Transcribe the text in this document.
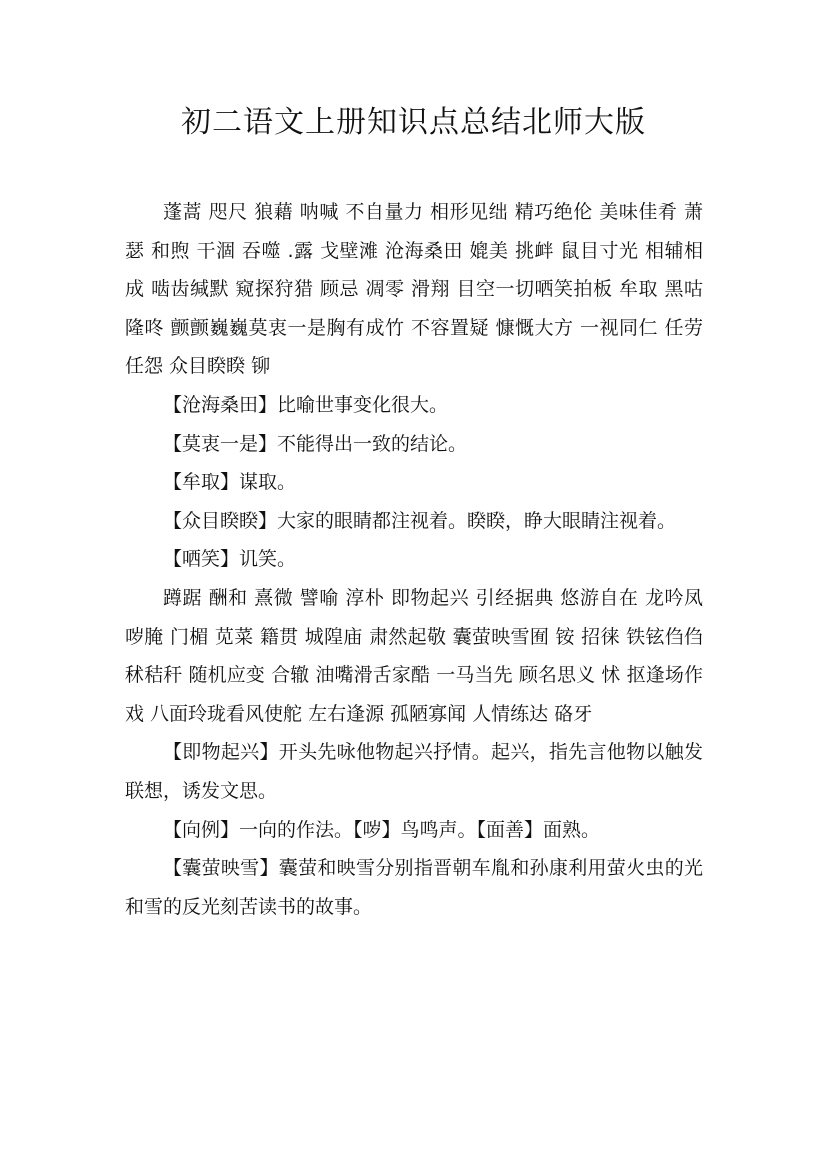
初二语文上册知识点总结北师大版

蓬蒿 咫尺 狼藉 呐喊 不自量力 相形见绌 精巧绝伦 美味佳肴 萧瑟 和煦 干涸 吞噬 .露 戈壁滩 沧海桑田 媲美 挑衅 鼠目寸光 相辅相成 啮齿缄默 窥探狩猎 顾忌 凋零 滑翔 目空一切哂笑拍板 牟取 黑咕隆咚 颤颤巍巍莫衷一是胸有成竹 不容置疑 慷慨大方 一视同仁 任劳任怨 众目睽睽 铆

【沧海桑田】比喻世事变化很大。

【莫衷一是】不能得出一致的结论。

【牟取】谋取。

【众目睽睽】大家的眼睛都注视着。睽睽，睁大眼睛注视着。

【哂笑】讥笑。

蹲踞 酬和 熹微 譬喻 淳朴 即物起兴 引经据典 悠游自在 龙吟凤哕腌 门楣 苋菜 籍贯 城隍庙 肃然起敬 囊萤映雪囿 铵 招徕 铁铉㑇㑇秫秸秆 随机应变 合辙 油嘴滑舌家酷 一马当先 顾名思义 怵 抠逢场作戏 八面玲珑看风使舵 左右逢源 孤陋寡闻 人情练达 硌牙

【即物起兴】开头先咏他物起兴抒情。起兴，指先言他物以触发联想，诱发文思。

【向例】一向的作法。【哕】鸟鸣声。【面善】面熟。

【囊萤映雪】囊萤和映雪分别指晋朝车胤和孙康利用萤火虫的光和雪的反光刻苦读书的故事。
